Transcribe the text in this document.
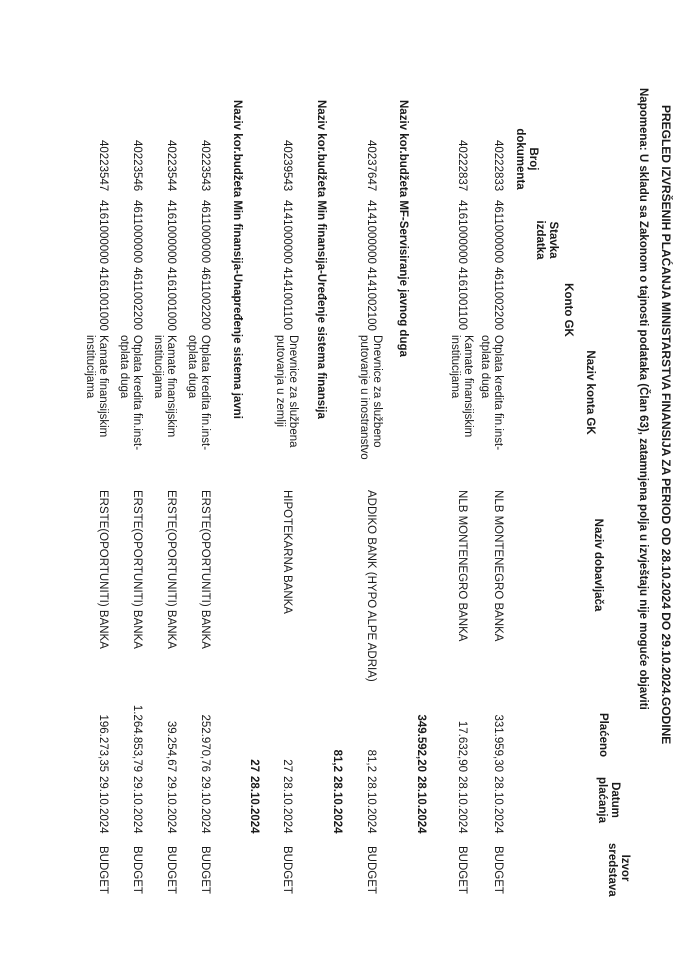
PREGLED IZVRŠENIH PLAĆANJA MINISTARSTVA FINANSIJA ZA PERIOD OD 28.10.2024 DO 29.10.2024.GODINE
Napomena: U skladu sa Zakonom o tajnosti podataka (Član 63), zatamnjena polja u izvještaju nije moguće objaviti
Broj dokumenta
Stavka izdatka
Konto GK
Naziv konta GK
Naziv dobavljača
Plaćeno
Datum plaćanja
Izvor sredstava
40222833
4611000000
4611002200
Otplata kredita fin.inst-otplata duga
NLB MONTENEGRO BANKA
331.959,30
28.10.2024
BUDGET
40222837
4161000000
4161001100
Kamate finansijskim institucijama
NLB MONTENEGRO BANKA
17.632,90
28.10.2024
BUDGET
349.592,20
28.10.2024
Naziv kor.budžeta MF-Servisiranje javnog duga
40237647
4141000000
4141002100
Dnevnice za službeno putovanje u inostranstvo
ADDIKO BANK (HYPO ALPE ADRIA)
81,2
28.10.2024
BUDGET
81,2
28.10.2024
Naziv kor.budžeta Min finansija-Uređenje sistema finansija
40239543
4141000000
4141001100
Dnevnice za službena putovanja u zemlji
HIPOTEKARNA BANKA
27
28.10.2024
BUDGET
27
28.10.2024
Naziv kor.budžeta Min finansija-Unapređenje sistema javni
40223543
4611000000
4611002200
Otplata kredita fin.inst-otplata duga
ERSTE(OPORTUNITI) BANKA
252.970,76
29.10.2024
BUDGET
40223544
4161000000
4161001000
Kamate finansijskim institucijama
ERSTE(OPORTUNITI) BANKA
39.254,67
29.10.2024
BUDGET
40223546
4611000000
4611002200
Otplata kredita fin.inst-otplata duga
ERSTE(OPORTUNITI) BANKA
1.264.853,79
29.10.2024
BUDGET
40223547
4161000000
4161001000
Kamate finansijskim institucijama
ERSTE(OPORTUNITI) BANKA
196.273,35
29.10.2024
BUDGET
